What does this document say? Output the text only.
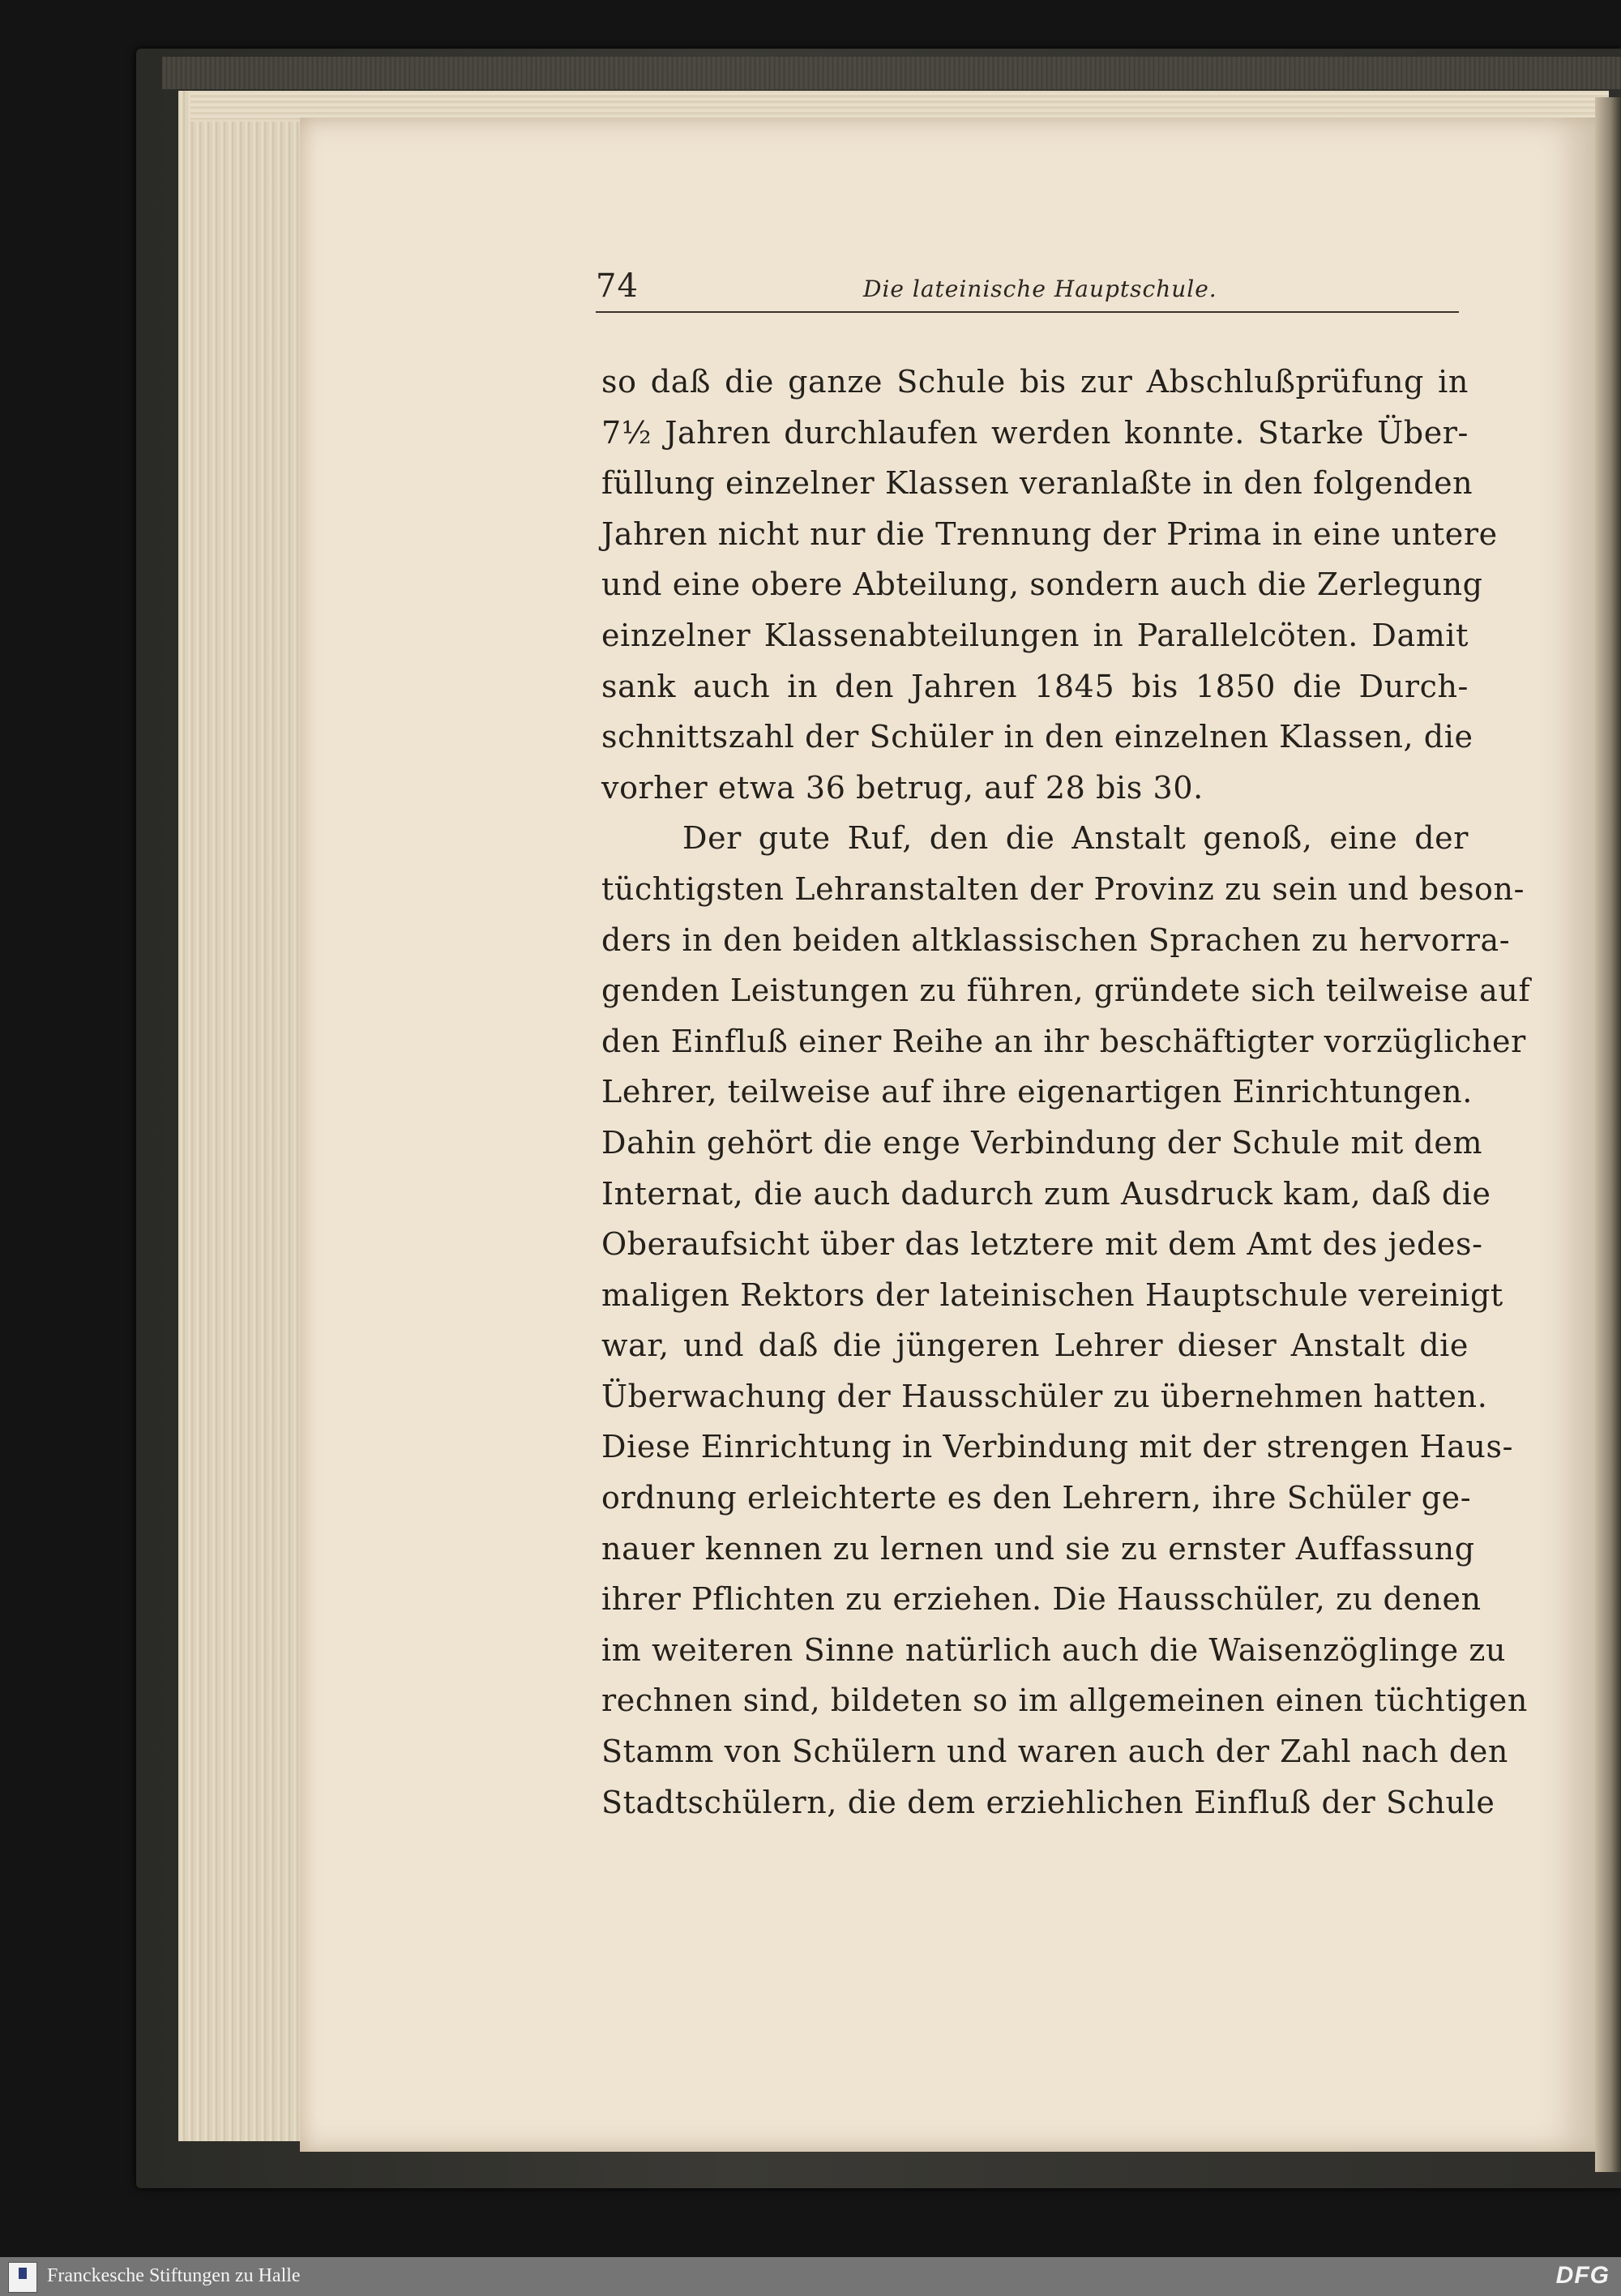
74	Die lateinische Hauptschule.
so daß die ganze Schule bis zur Abschlußprüfung in
7½ Jahren durchlaufen werden konnte. Starke Über-
füllung einzelner Klassen veranlaßte in den folgenden
Jahren nicht nur die Trennung der Prima in eine untere
und eine obere Abteilung, sondern auch die Zerlegung
einzelner Klassenabteilungen in Parallelcöten. Damit
sank auch in den Jahren 1845 bis 1850 die Durch-
schnittszahl der Schüler in den einzelnen Klassen, die
vorher etwa 36 betrug, auf 28 bis 30.
Der gute Ruf, den die Anstalt genoß, eine der
tüchtigsten Lehranstalten der Provinz zu sein und beson-
ders in den beiden altklassischen Sprachen zu hervorra-
genden Leistungen zu führen, gründete sich teilweise auf
den Einfluß einer Reihe an ihr beschäftigter vorzüglicher
Lehrer, teilweise auf ihre eigenartigen Einrichtungen.
Dahin gehört die enge Verbindung der Schule mit dem
Internat, die auch dadurch zum Ausdruck kam, daß die
Oberaufsicht über das letztere mit dem Amt des jedes-
maligen Rektors der lateinischen Hauptschule vereinigt
war, und daß die jüngeren Lehrer dieser Anstalt die
Überwachung der Hausschüler zu übernehmen hatten.
Diese Einrichtung in Verbindung mit der strengen Haus-
ordnung erleichterte es den Lehrern, ihre Schüler ge-
nauer kennen zu lernen und sie zu ernster Auffassung
ihrer Pflichten zu erziehen. Die Hausschüler, zu denen
im weiteren Sinne natürlich auch die Waisenzöglinge zu
rechnen sind, bildeten so im allgemeinen einen tüchtigen
Stamm von Schülern und waren auch der Zahl nach den
Stadtschülern, die dem erziehlichen Einfluß der Schule
Franckesche Stiftungen zu Halle	DFG
